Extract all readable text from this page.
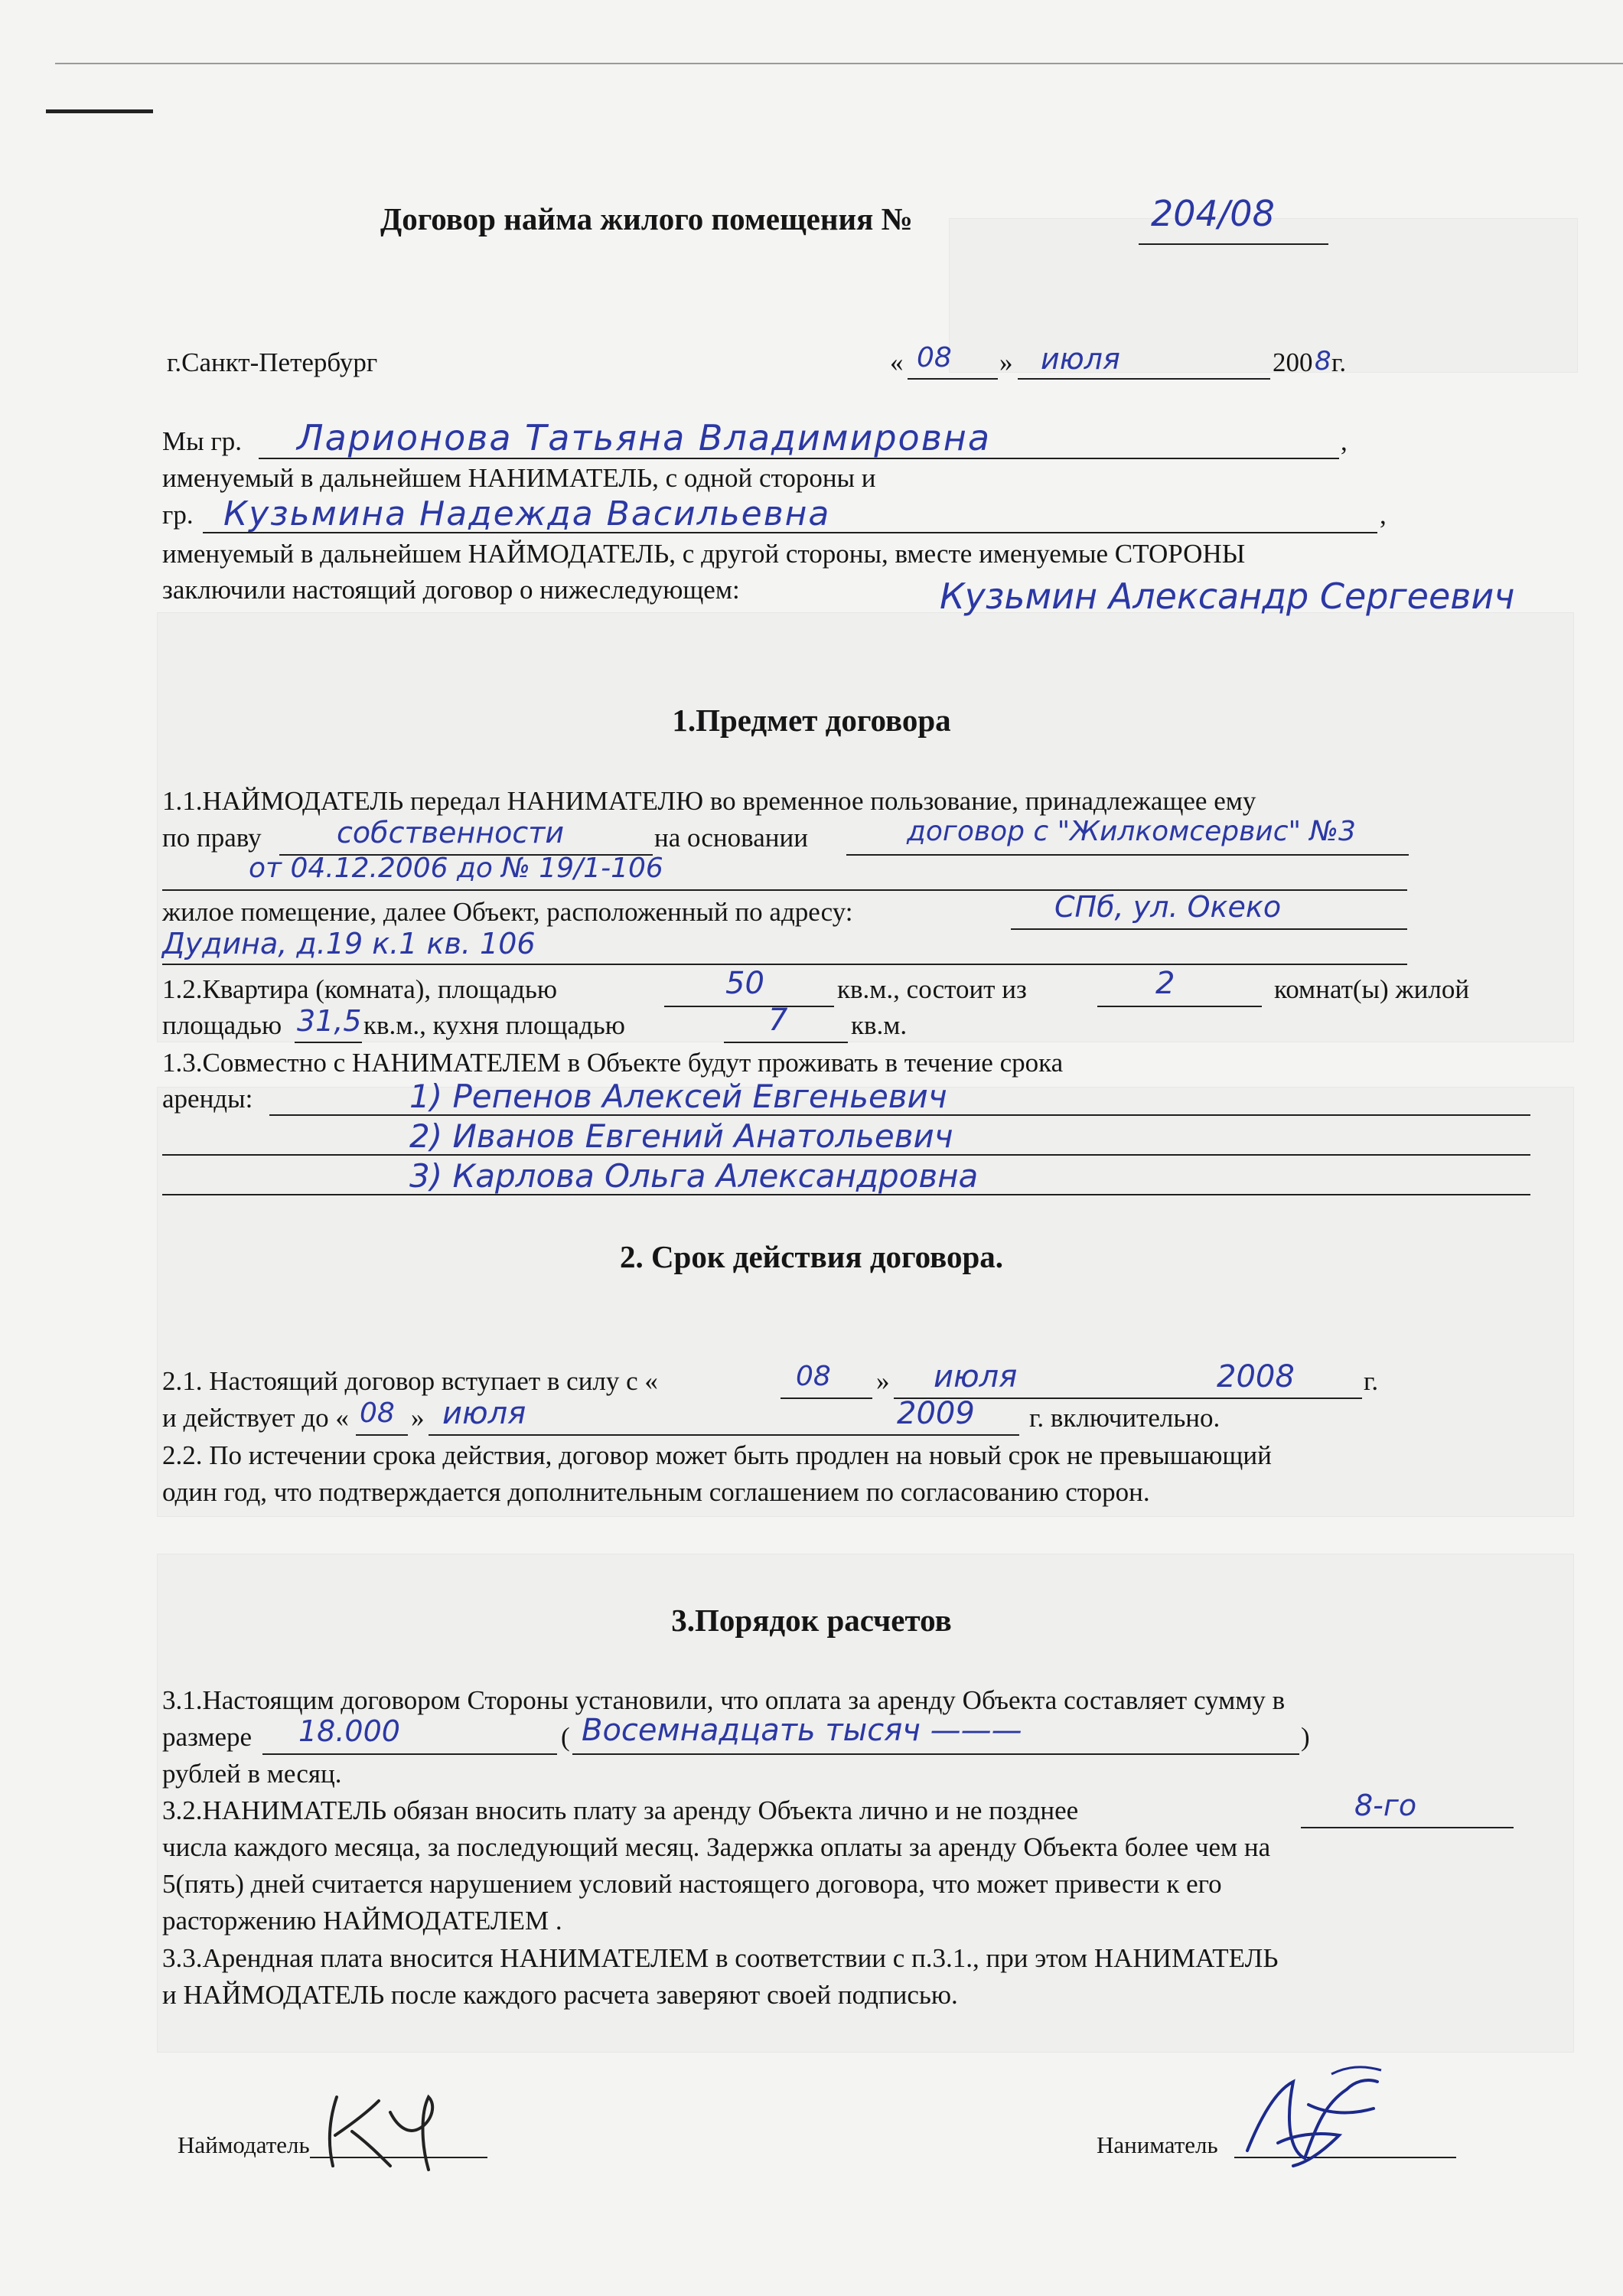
Договор найма жилого помещения №	204/08
г.Санкт-Петербург	« 08 » июля	200 8 г.
Мы гр. Ларионова Татьяна Владимировна	,
именуемый в дальнейшем НАНИМАТЕЛЬ, с одной стороны и
гр. Кузьмина Надежда Васильевна	,
именуемый в дальнейшем НАЙМОДАТЕЛЬ, с другой стороны, вместе именуемые СТОРОНЫ
заключили настоящий договор о нижеследующем:	Кузьмин Александр Сергеевич
1.Предмет договора
1.1.НАЙМОДАТЕЛЬ передал НАНИМАТЕЛЮ во временное пользование, принадлежащее ему
по праву	собственности	на основании	договор с "Жилкомсервис" №3
от 04.12.2006 до № 19/1-106
жилое помещение, далее Объект, расположенный по адресу:	СПб, ул. Океко
Дудина, д.19 к.1 кв. 106
1.2.Квартира (комната), площадью	50	кв.м., состоит из	2	комнат(ы) жилой
площадью 31,5 кв.м., кухня площадью	7 кв.м.
1.3.Совместно с НАНИМАТЕЛЕМ в Объекте будут проживать в течение срока
аренды:	1) Репенов Алексей Евгеньевич
2) Иванов Евгений Анатольевич
3) Карлова Ольга Александровна
2. Срок действия договора.
2.1. Настоящий договор вступает в силу с «	08 » июля	2008	г.
и действует до « 08 » июля	2009 г. включительно.
2.2. По истечении срока действия, договор может быть продлен на новый срок не превышающий
один год, что подтверждается дополнительным соглашением по согласованию сторон.
3.Порядок расчетов
3.1.Настоящим договором Стороны установили, что оплата за аренду Объекта составляет сумму в
размере 18.000	( Восемнадцать тысяч ———	)
рублей в месяц.
3.2.НАНИМАТЕЛЬ обязан вносить плату за аренду Объекта лично и не позднее	8-го
числа каждого месяца, за последующий месяц. Задержка оплаты за аренду Объекта более чем на
5(пять) дней считается нарушением условий настоящего договора, что может привести к его
расторжению НАЙМОДАТЕЛЕМ .
3.3.Арендная плата вносится НАНИМАТЕЛЕМ в соответствии с п.3.1., при этом НАНИМАТЕЛЬ
и НАЙМОДАТЕЛЬ после каждого расчета заверяют своей подписью.
Наймодатель	Наниматель
